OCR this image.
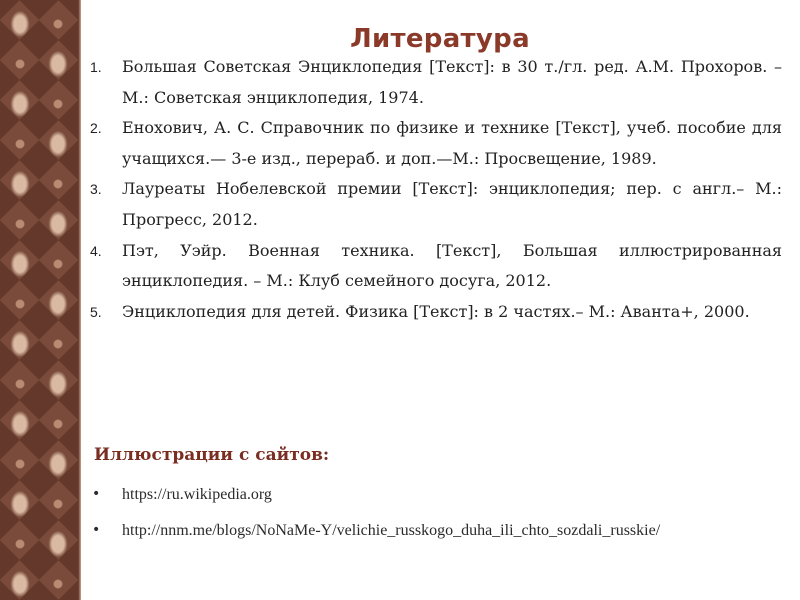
Литература
1. Большая Советская Энциклопедия [Текст]: в 30 т./гл. ред. А.М. Прохоров. – М.: Советская энциклопедия, 1974.
2. Енохович, А. С. Справочник по физике и технике [Текст], учеб. пособие для учащихся.— 3-е изд., перераб. и доп.—М.: Просвещение, 1989.
3. Лауреаты Нобелевской премии [Текст]: энциклопедия; пер. с англ.– М.: Прогресс, 2012.
4. Пэт, Уэйр. Военная техника. [Текст], Большая иллюстрированная энциклопедия. – М.: Клуб семейного досуга, 2012.
5. Энциклопедия для детей. Физика [Текст]: в 2 частях.– М.: Аванта+, 2000.
Иллюстрации с сайтов:
• https://ru.wikipedia.org
• http://nnm.me/blogs/NoNaMe-Y/velichie_russkogo_duha_ili_chto_sozdali_russkie/
